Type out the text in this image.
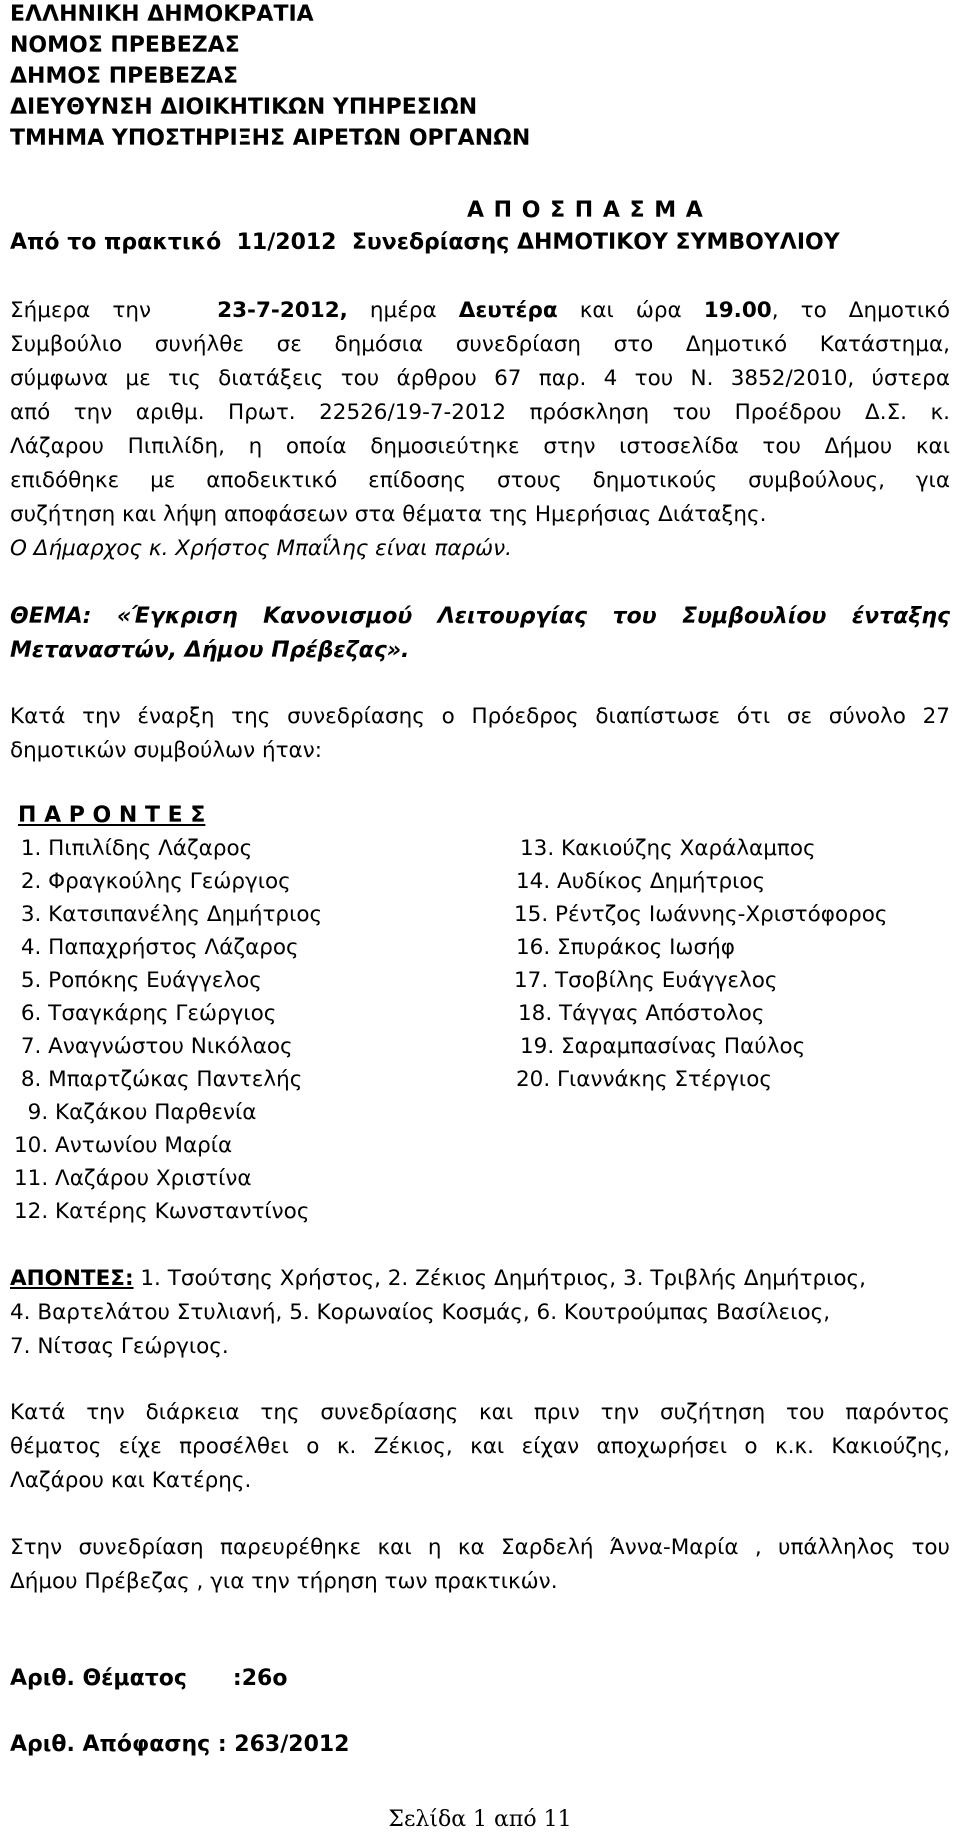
ΕΛΛΗΝΙΚΗ ΔΗΜΟΚΡΑΤΙΑ
ΝΟΜΟΣ ΠΡΕΒΕΖΑΣ
ΔΗΜΟΣ ΠΡΕΒΕΖΑΣ
ΔΙΕΥΘΥΝΣΗ ΔΙΟΙΚΗΤΙΚΩΝ ΥΠΗΡΕΣΙΩΝ
ΤΜΗΜΑ ΥΠΟΣΤΗΡΙΞΗΣ ΑΙΡΕΤΩΝ ΟΡΓΑΝΩΝ
Α Π Ο Σ Π Α Σ Μ Α
Από το πρακτικό 11/2012 Συνεδρίασης ΔΗΜΟΤΙΚΟΥ ΣΥΜΒΟΥΛΙΟΥ
Σήμερα την   23-7-2012, ημέρα Δευτέρα και ώρα 19.00, το Δημοτικό
Συμβούλιο συνήλθε σε δημόσια συνεδρίαση στο Δημοτικό Κατάστημα,
σύμφωνα με τις διατάξεις του άρθρου 67 παρ. 4 του Ν. 3852/2010, ύστερα
από την αριθμ. Πρωτ. 22526/19-7-2012 πρόσκληση του Προέδρου Δ.Σ. κ.
Λάζαρου Πιπιλίδη, η οποία δημοσιεύτηκε στην ιστοσελίδα του Δήμου και
επιδόθηκε με αποδεικτικό επίδοσης στους δημοτικούς συμβούλους, για
συζήτηση και λήψη αποφάσεων στα θέματα της Ημερήσιας Διάταξης.
Ο Δήμαρχος κ. Χρήστος Μπαΐλης είναι παρών.
ΘΕΜΑ: «Έγκριση Κανονισμού Λειτουργίας του Συμβουλίου ένταξης
Μεταναστών, Δήμου Πρέβεζας».
Κατά την έναρξη της συνεδρίασης ο Πρόεδρος διαπίστωσε ότι σε σύνολο 27
δημοτικών συμβούλων ήταν:
Π Α Ρ Ο Ν Τ Ε Σ
1. Πιπιλίδης Λάζαρος
2. Φραγκούλης Γεώργιος
3. Κατσιπανέλης Δημήτριος
4. Παπαχρήστος Λάζαρος
5. Ροπόκης Ευάγγελος
6. Τσαγκάρης Γεώργιος
7. Αναγνώστου Νικόλαος
8. Μπαρτζώκας Παντελής
9. Καζάκου Παρθενία
10. Αντωνίου Μαρία
11. Λαζάρου Χριστίνα
12. Κατέρης Κωνσταντίνος
13. Κακιούζης Χαράλαμπος
14. Αυδίκος Δημήτριος
15. Ρέντζος Ιωάννης-Χριστόφορος
16. Σπυράκος Ιωσήφ
17. Τσοβίλης Ευάγγελος
18. Τάγγας Απόστολος
19. Σαραμπασίνας Παύλος
20. Γιαννάκης Στέργιος
ΑΠΟΝΤΕΣ: 1. Τσούτσης Χρήστος, 2. Ζέκιος Δημήτριος, 3. Τριβλής Δημήτριος,
4. Βαρτελάτου Στυλιανή, 5. Κορωναίος Κοσμάς, 6. Κουτρούμπας Βασίλειος,
7. Νίτσας Γεώργιος.
Κατά την διάρκεια της συνεδρίασης και πριν την συζήτηση του παρόντος
θέματος είχε προσέλθει ο κ. Ζέκιος, και είχαν αποχωρήσει ο κ.κ. Κακιούζης,
Λαζάρου και Κατέρης.
Στην συνεδρίαση παρευρέθηκε και η κα Σαρδελή Άννα-Μαρία , υπάλληλος του
Δήμου Πρέβεζας , για την τήρηση των πρακτικών.
Αριθ. Θέματος :26ο
Αριθ. Απόφασης : 263/2012
Σελίδα 1 από 11
